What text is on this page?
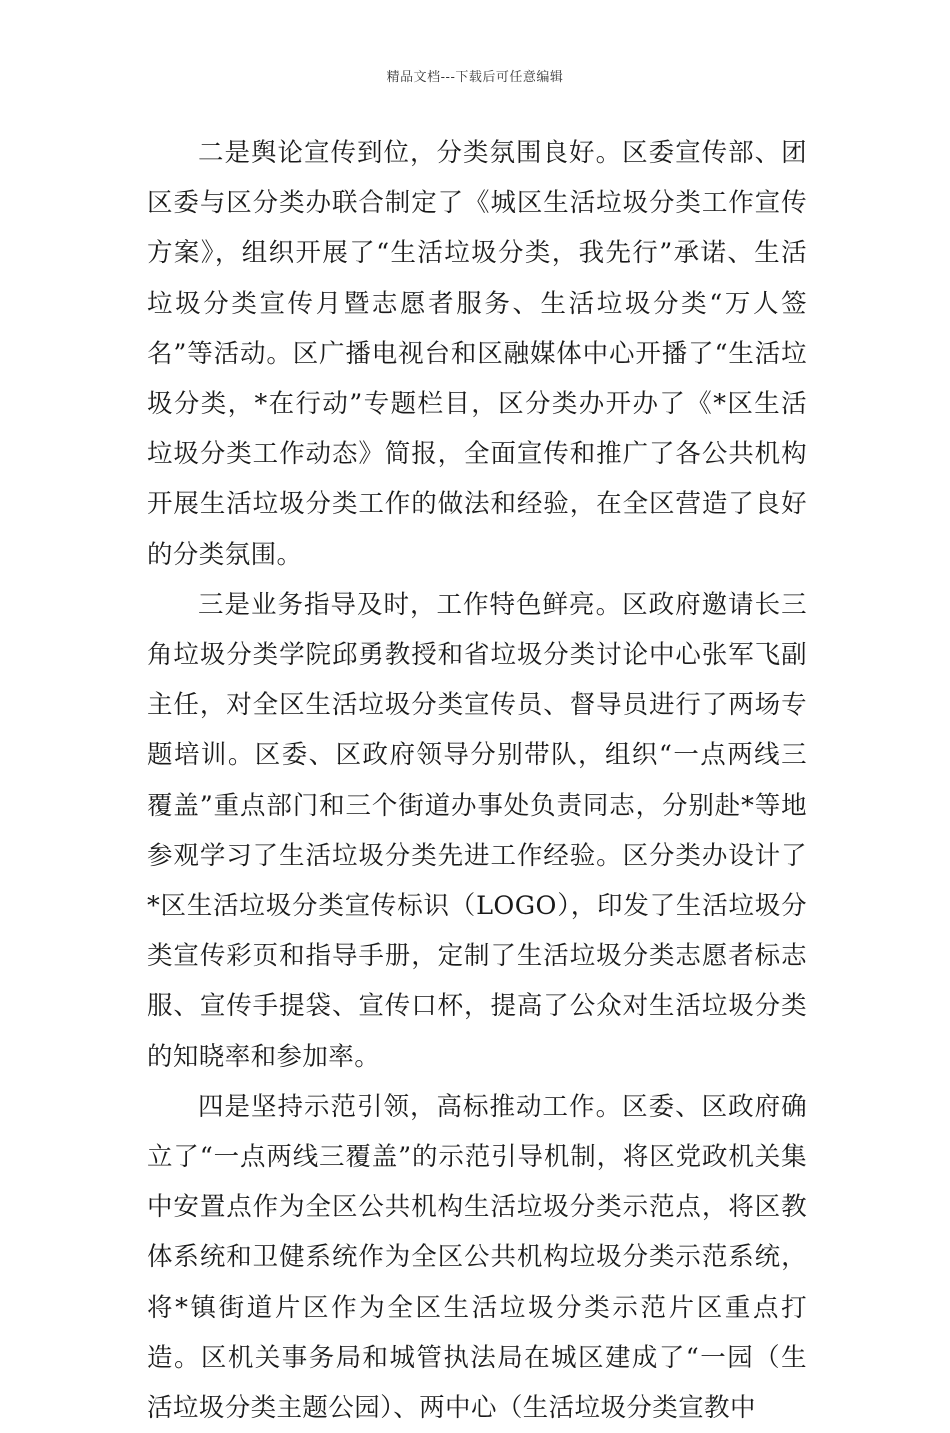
精品文档---下载后可任意编辑

二是舆论宣传到位，分类氛围良好。区委宣传部、团区委与区分类办联合制定了《城区生活垃圾分类工作宣传方案》，组织开展了“生活垃圾分类，我先行”承诺、生活垃圾分类宣传月暨志愿者服务、生活垃圾分类“万人签名”等活动。区广播电视台和区融媒体中心开播了“生活垃圾分类，*在行动”专题栏目，区分类办开办了《*区生活垃圾分类工作动态》简报，全面宣传和推广了各公共机构开展生活垃圾分类工作的做法和经验，在全区营造了良好的分类氛围。

三是业务指导及时，工作特色鲜亮。区政府邀请长三角垃圾分类学院邱勇教授和省垃圾分类讨论中心张军飞副主任，对全区生活垃圾分类宣传员、督导员进行了两场专题培训。区委、区政府领导分别带队，组织“一点两线三覆盖”重点部门和三个街道办事处负责同志，分别赴*等地参观学习了生活垃圾分类先进工作经验。区分类办设计了*区生活垃圾分类宣传标识（LOGO），印发了生活垃圾分类宣传彩页和指导手册，定制了生活垃圾分类志愿者标志服、宣传手提袋、宣传口杯，提高了公众对生活垃圾分类的知晓率和参加率。

四是坚持示范引领，高标推动工作。区委、区政府确立了“一点两线三覆盖”的示范引导机制，将区党政机关集中安置点作为全区公共机构生活垃圾分类示范点，将区教体系统和卫健系统作为全区公共机构垃圾分类示范系统，将*镇街道片区作为全区生活垃圾分类示范片区重点打造。区机关事务局和城管执法局在城区建成了“一园（生活垃圾分类主题公园）、两中心（生活垃圾分类宣教中
